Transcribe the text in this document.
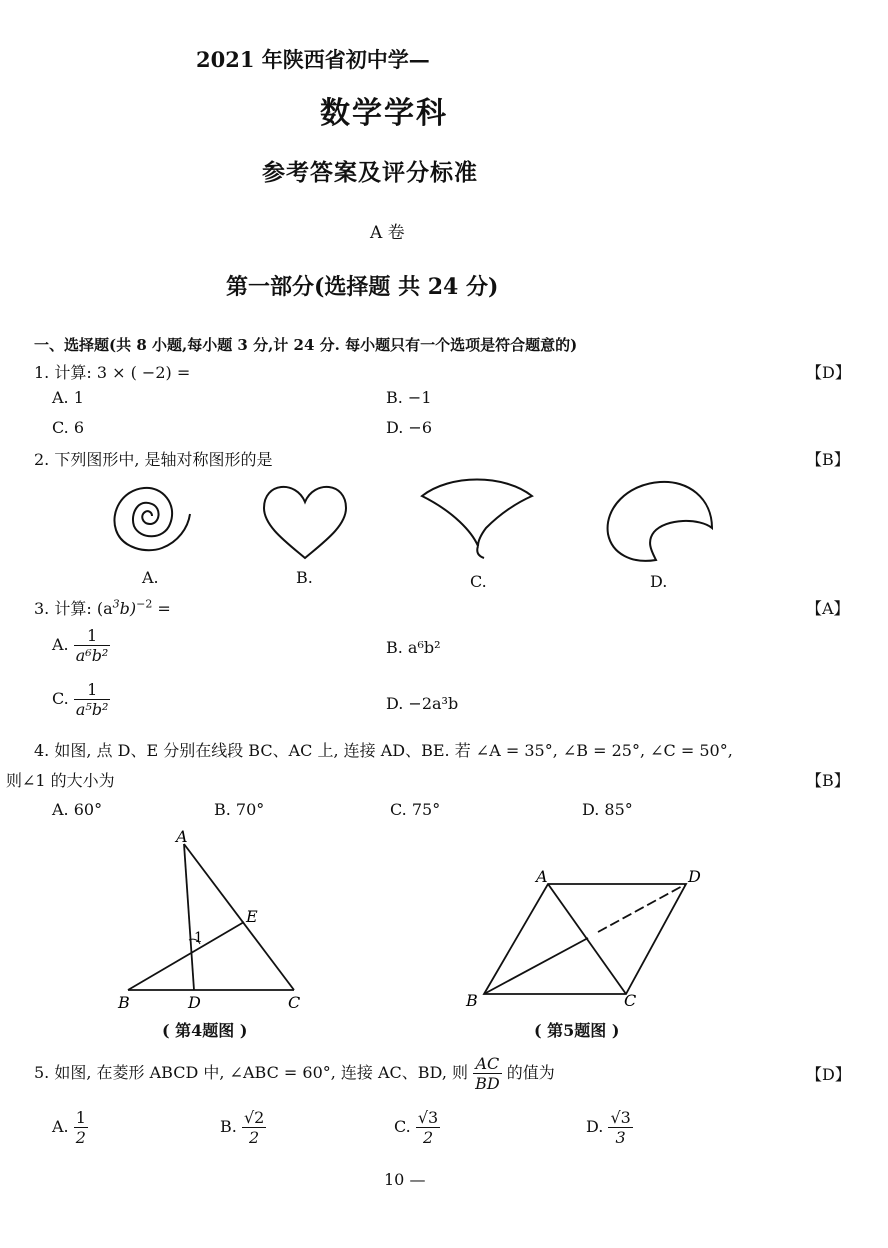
2021 年陕西省初中学—
数学学科
参考答案及评分标准
A 卷
第一部分(选择题 共 24 分)
一、选择题(共 8 小题,每小题 3 分,计 24 分. 每小题只有一个选项是符合题意的)
1. 计算: 3 × ( −2) =	【D】
A. 1	B. −1
C. 6	D. −6
2. 下列图形中, 是轴对称图形的是	【B】
A.	B.	C.	D.
3. 计算: $(a^3b)^{-2}$ =	【A】
A. $\frac{1}{\text{a⁶b²}}$	B. a⁶b²
C. $\frac{1}{\text{a⁵b²}}$	D. −2a³b
4. 如图, 点 D、E 分别在线段 BC、AC 上, 连接 AD、BE. 若 ∠A = 35°, ∠B = 25°, ∠C = 50°,
则∠1 的大小为	【B】
A. 60°	B. 70°	C. 75°	D. 85°
A
E
1
B	D	C
( 第4题图 )
A	D
B	C
( 第5题图 )
5. 如图, 在菱形 ABCD 中, ∠ABC = 60°, 连接 AC、BD, 则 $\frac{AC}{BD}$ 的值为	【D】
A. $\frac{1}{2}$	B. $\frac{√2}{2}$	C. $\frac{√3}{2}$	D. $\frac{√3}{3}$
10 —
